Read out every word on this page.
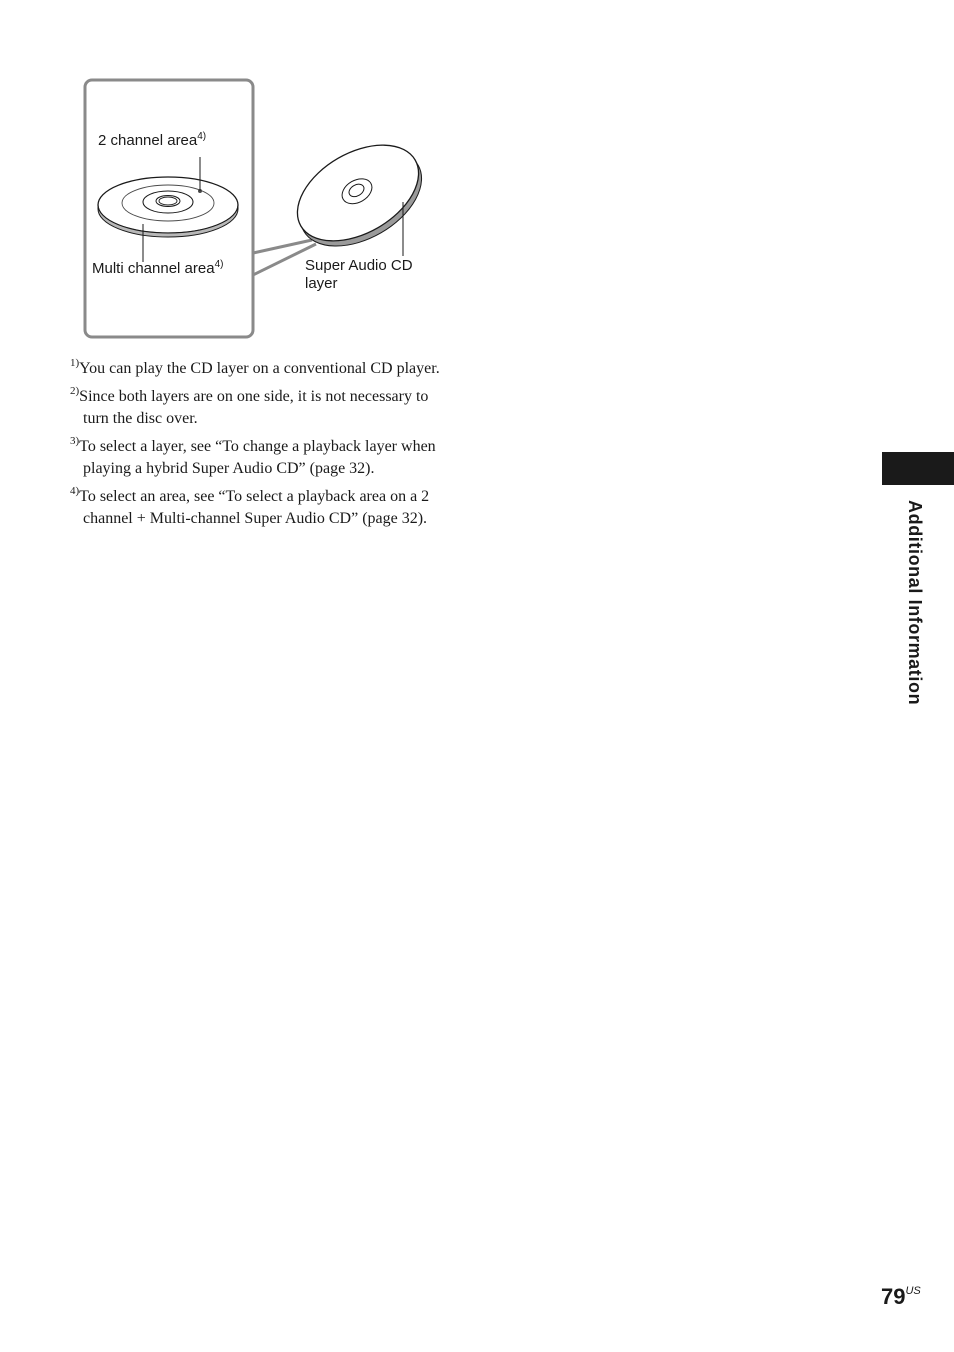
2 channel area$^{4)}$
Multi channel area$^{4)}$	Super Audio CD
layer

$^{1)}$You can play the CD layer on a conventional CD player.

$^{2)}$Since both layers are on one side, it is not necessary to turn the disc over.

$^{3)}$To select a layer, see “To change a playback layer when playing a hybrid Super Audio CD” (page 32).

$^{4)}$To select an area, see “To select a playback area on a 2 channel + Multi-channel Super Audio CD” (page 32).	Additional Information
$79^{US}$
